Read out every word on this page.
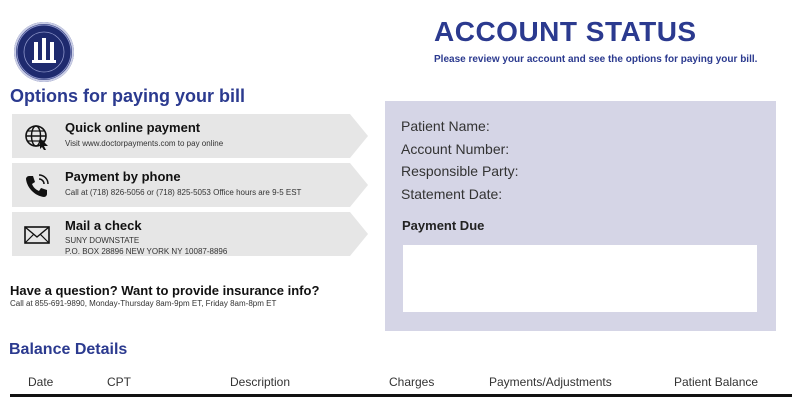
Options for paying your bill
Quick online payment
Visit www.doctorpayments.com to pay online
Payment by phone
Call at (718) 826-5056 or (718) 825-5053 Office hours are 9-5 EST
Mail a check
SUNY DOWNSTATE
P.O. BOX 28896 NEW YORK NY 10087-8896
Have a question? Want to provide insurance info?
Call at 855-691-9890, Monday-Thursday 8am-9pm ET, Friday 8am-8pm ET
ACCOUNT STATUS
Please review your account and see the options for paying your bill.
Patient Name:
Account Number:
Responsible Party:
Statement Date:
Payment Due
Balance Details
Date	CPT	Description	Charges	Payments/Adjustments	Patient Balance
